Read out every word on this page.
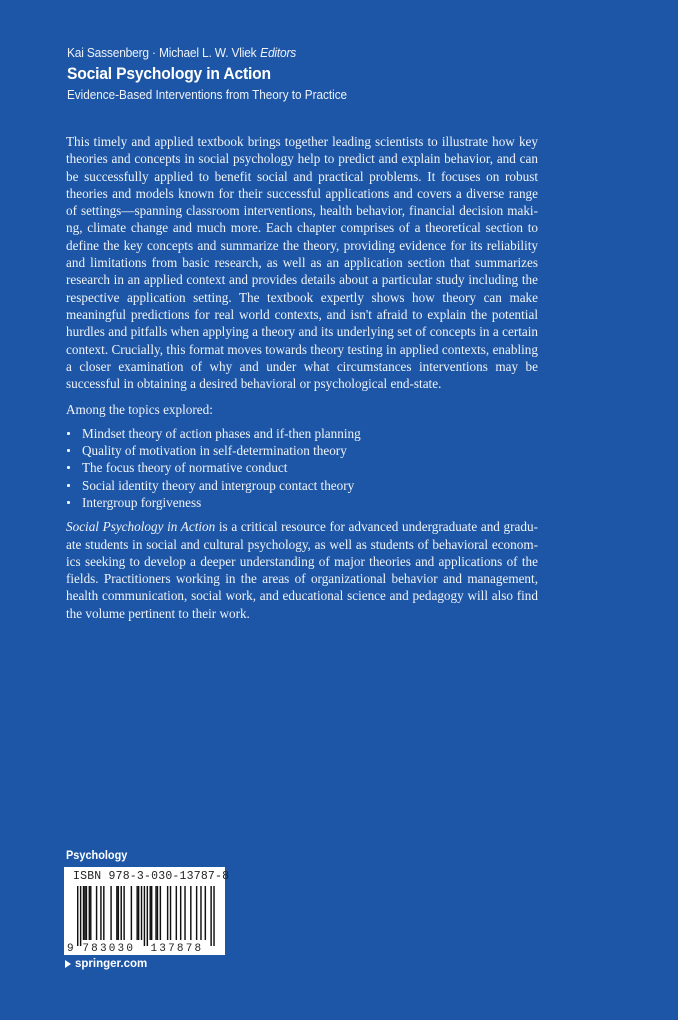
Kai Sassenberg · Michael L. W. Vliek Editors
Social Psychology in Action
Evidence-Based Interventions from Theory to Practice

This timely and applied textbook brings together leading scientists to illustrate how key theories and concepts in social psychology help to predict and explain behavior, and can be successfully applied to benefit social and practical problems. It focuses on robust theories and models known for their successful applications and covers a diverse range of settings—spanning classroom interventions, health behavior, financial decision making, climate change and much more. Each chapter comprises of a theoretical section to define the key concepts and summarize the theory, providing evidence for its reliability and limitations from basic research, as well as an application section that summarizes research in an applied context and provides details about a particular study including the respective application setting. The textbook expertly shows how theory can make meaningful predictions for real world contexts, and isn't afraid to explain the potential hurdles and pitfalls when applying a theory and its underlying set of concepts in a certain context. Crucially, this format moves towards theory testing in applied contexts, enabling a closer examination of why and under what circumstances interventions may be successful in obtaining a desired behavioral or psychological end-state.

Among the topics explored:

Mindset theory of action phases and if-then planning
Quality of motivation in self-determination theory
The focus theory of normative conduct
Social identity theory and intergroup contact theory
Intergroup forgiveness

Social Psychology in Action is a critical resource for advanced undergraduate and graduate students in social and cultural psychology, as well as students of behavioral economics seeking to develop a deeper understanding of major theories and applications of the fields. Practitioners working in the areas of organizational behavior and management, health communication, social work, and educational science and pedagogy will also find the volume pertinent to their work.

Psychology
9 783030 137878
ISBN 978-3-030-13787-8
springer.com
